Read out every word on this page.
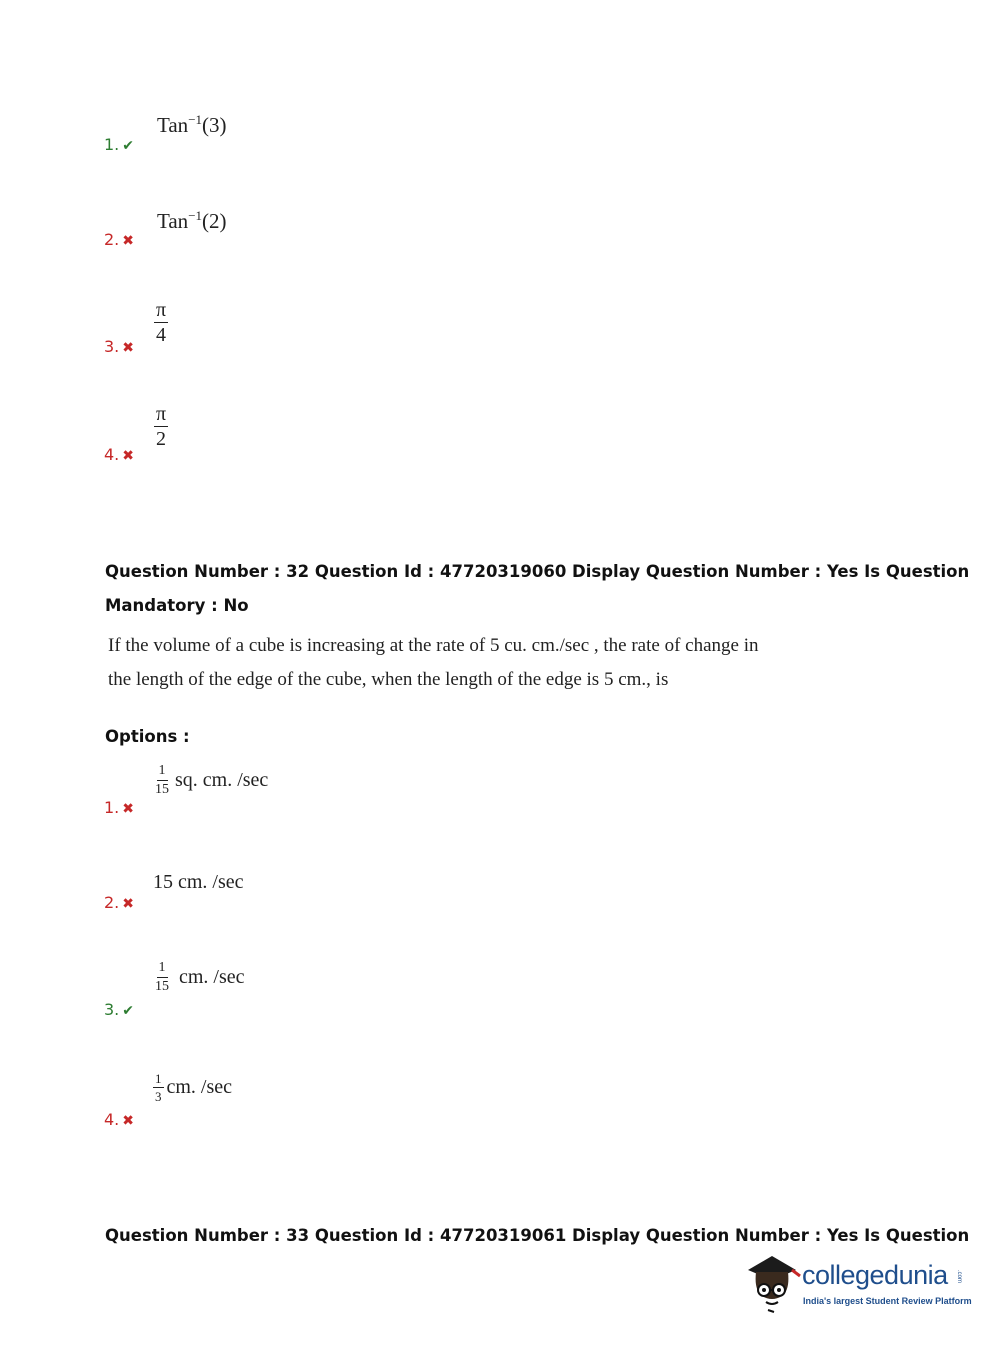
Tan$^{-1}$(3)
1. ✔
Tan$^{-1}$(2)
2. ✖
$\frac{\pi}{4}$
3. ✖
$\frac{\pi}{2}$
4. ✖
Question Number : 32 Question Id : 47720319060 Display Question Number : Yes Is Question
Mandatory : No
If the volume of a cube is increasing at the rate of 5 cu. cm./sec , the rate of change in
the length of the edge of the cube, when the length of the edge is 5 cm., is
Options :
$\frac{1}{15}$ sq. cm. /sec
1. ✖
15 cm. /sec
2. ✖
$\frac{1}{15}$ cm. /sec
3. ✔
$\frac{1}{3}$ cm. /sec
4. ✖
Question Number : 33 Question Id : 47720319061 Display Question Number : Yes Is Question
collegedunia .com
India's largest Student Review Platform
